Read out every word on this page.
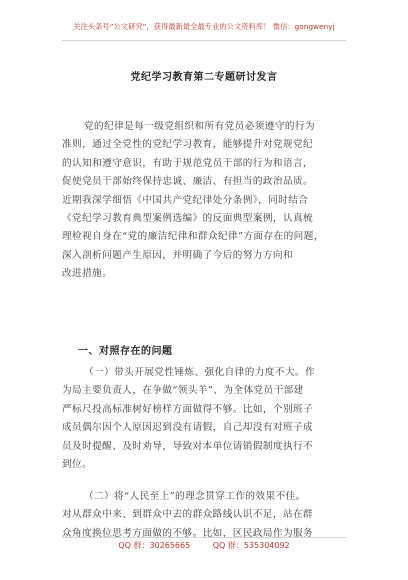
关注头条号“公文研究”，获得最新最全最专业的公文资料库！ 微信：gongwenyj
党纪学习教育第二专题研讨发言
党的纪律是每一级党组织和所有党员必须遵守的行为
准则，通过全党性的党纪学习教育，能够提升对党规党纪
的认知和遵守意识，有助于规范党员干部的行为和语言，
促使党员干部始终保持忠诚、廉洁、有担当的政治品质。
近期我深学细悟《中国共产党纪律处分条例》，同时结合
《党纪学习教育典型案例选编》的反面典型案例，认真梳
理检视自身在“党的廉洁纪律和群众纪律”方面存在的问题，
深入剖析问题产生原因，并明确了今后的努力方向和
改进措施。
一、对照存在的问题
（一）带头开展党性锤炼、强化自律的力度不大。作
为局主要负责人，在争做“领头羊”、为全体党员干部建
严标尺投高标准树好榜样方面做得不够。比如，个别班子
成员偶尔因个人原因迟到没有请假，自己却没有对班子成
员及时提醒、及时劝导，导致对本单位请销假制度执行不
到位。
（二）将“人民至上”的理念贯穿工作的效果不佳。
对从群众中来、到群众中去的群众路线认识不足，站在群
众角度换位思考方面做的不够。比如，区民政局作为服务
QQ 群：30265665	QQ 群：535304092
